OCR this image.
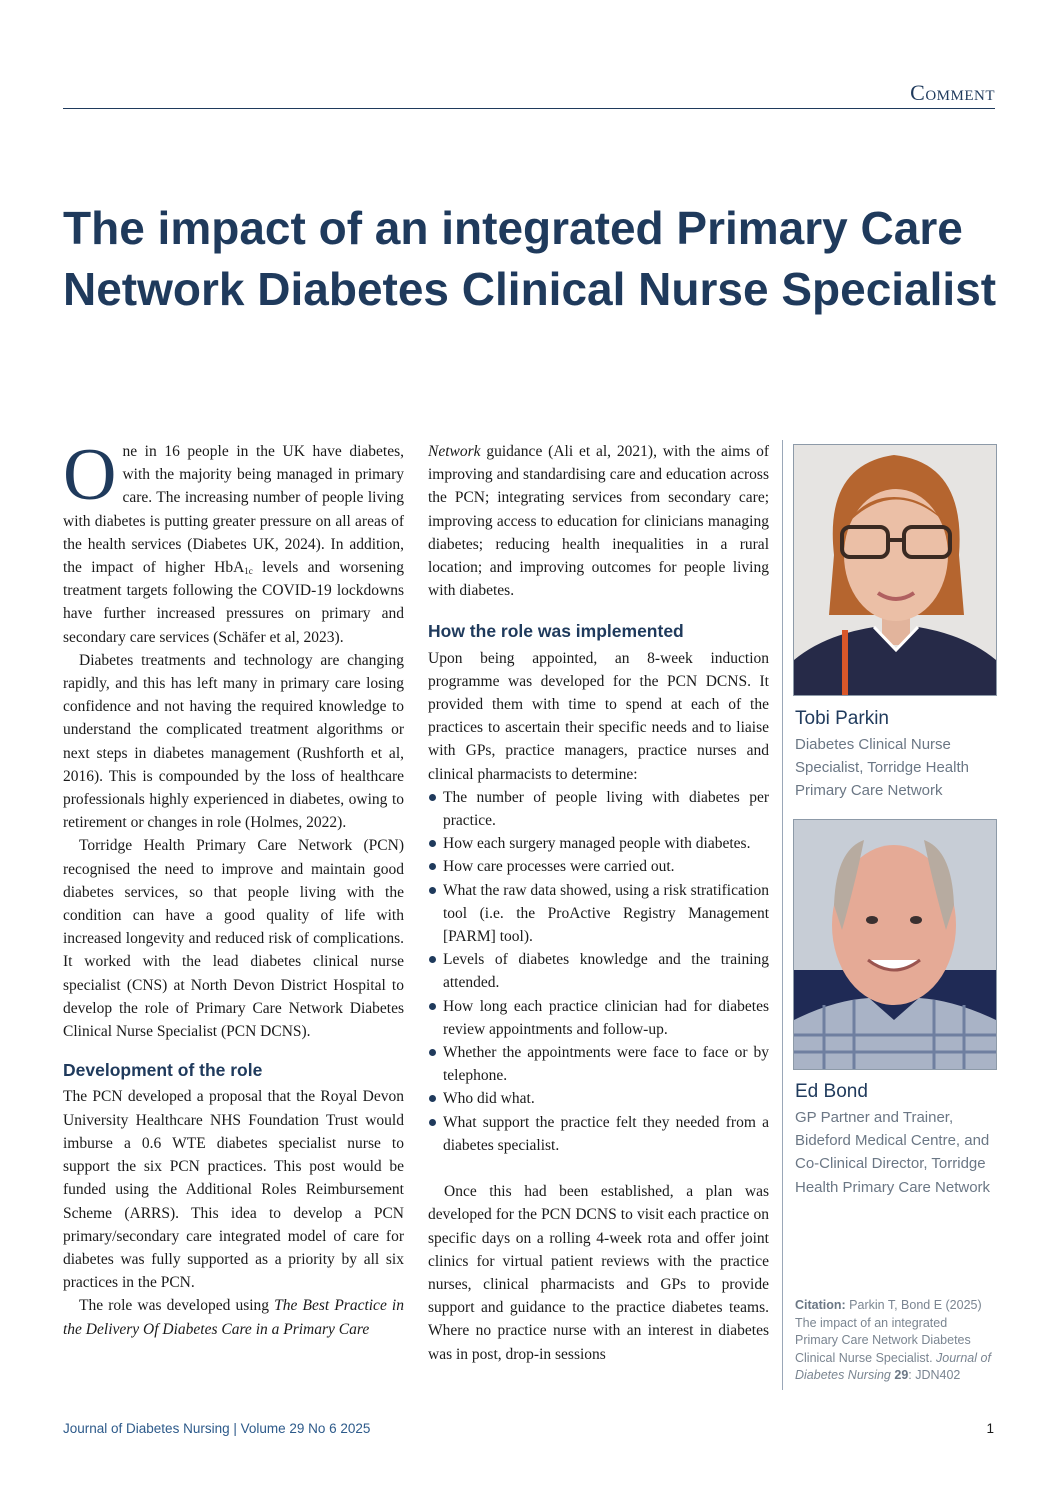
Comment
The impact of an integrated Primary Care Network Diabetes Clinical Nurse Specialist

One in 16 people in the UK have diabetes, with the majority being managed in primary care. The increasing number of people living with diabetes is putting greater pressure on all areas of the health services (Diabetes UK, 2024). In addition, the impact of higher HbA$_{1c}$ levels and worsening treatment targets following the COVID-19 lockdowns have further increased pressures on primary and secondary care services (Schäfer et al, 2023).

Diabetes treatments and technology are changing rapidly, and this has left many in primary care losing confidence and not having the required knowledge to understand the complicated treatment algorithms or next steps in diabetes management (Rushforth et al, 2016). This is compounded by the loss of healthcare professionals highly experienced in diabetes, owing to retirement or changes in role (Holmes, 2022).

Torridge Health Primary Care Network (PCN) recognised the need to improve and maintain good diabetes services, so that people living with the condition can have a good quality of life with increased longevity and reduced risk of complications. It worked with the lead diabetes clinical nurse specialist (CNS) at North Devon District Hospital to develop the role of Primary Care Network Diabetes Clinical Nurse Specialist (PCN DCNS).

Development of the role

The PCN developed a proposal that the Royal Devon University Healthcare NHS Foundation Trust would imburse a 0.6 WTE diabetes specialist nurse to support the six PCN practices. This post would be funded using the Additional Roles Reimbursement Scheme (ARRS). This idea to develop a PCN primary/secondary care integrated model of care for diabetes was fully supported as a priority by all six practices in the PCN.

The role was developed using The Best Practice in the Delivery Of Diabetes Care in a Primary Care

Network guidance (Ali et al, 2021), with the aims of improving and standardising care and education across the PCN; integrating services from secondary care; improving access to education for clinicians managing diabetes; reducing health inequalities in a rural location; and improving outcomes for people living with diabetes.

How the role was implemented

Upon being appointed, an 8-week induction programme was developed for the PCN DCNS. It provided them with time to spend at each of the practices to ascertain their specific needs and to liaise with GPs, practice managers, practice nurses and clinical pharmacists to determine:

The number of people living with diabetes per practice.
How each surgery managed people with diabetes.
How care processes were carried out.
What the raw data showed, using a risk stratification tool (i.e. the ProActive Registry Management [PARM] tool).
Levels of diabetes knowledge and the training attended.
How long each practice clinician had for diabetes review appointments and follow-up.
Whether the appointments were face to face or by telephone.
Who did what.
What support the practice felt they needed from a diabetes specialist.

Once this had been established, a plan was developed for the PCN DCNS to visit each practice on specific days on a rolling 4-week rota and offer joint clinics for virtual patient reviews with the practice nurses, clinical pharmacists and GPs to provide support and guidance to the practice diabetes teams. Where no practice nurse with an interest in diabetes was in post, drop-in sessions

Tobi Parkin
Diabetes Clinical Nurse Specialist, Torridge Health Primary Care Network
Ed Bond
GP Partner and Trainer, Bideford Medical Centre, and Co-Clinical Director, Torridge Health Primary Care Network
Citation: Parkin T, Bond E (2025) The impact of an integrated Primary Care Network Diabetes Clinical Nurse Specialist. Journal of Diabetes Nursing 29: JDN402
Journal of Diabetes Nursing | Volume 29 No 6 2025	1
